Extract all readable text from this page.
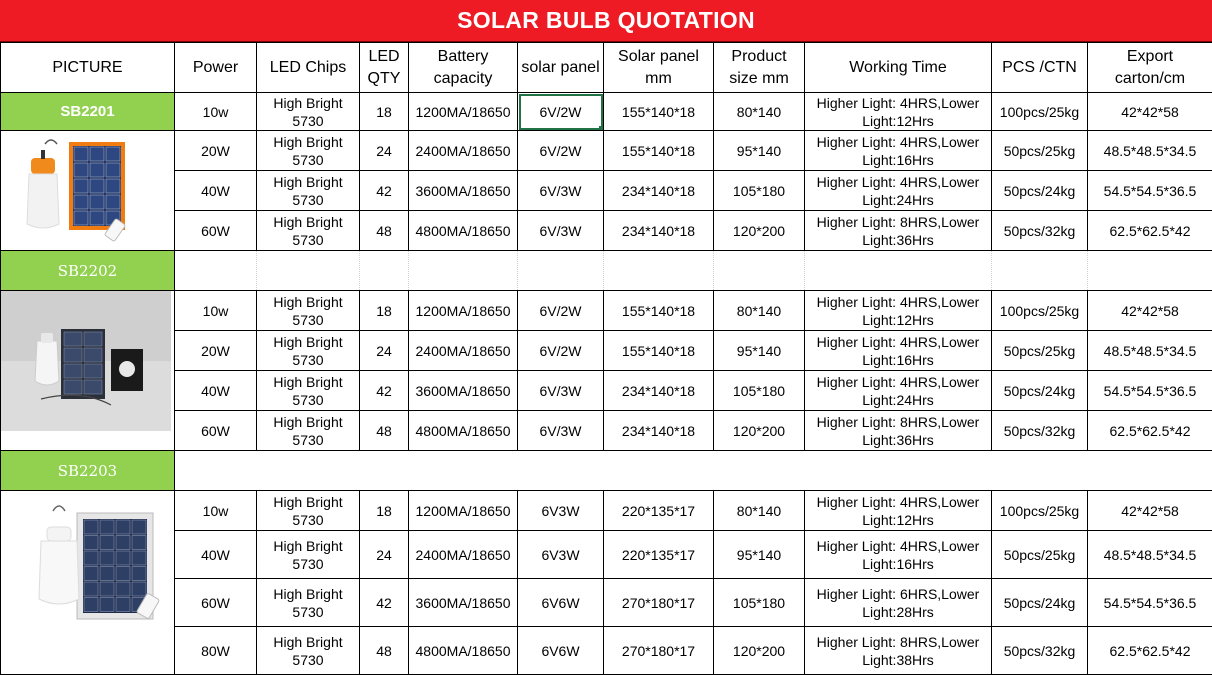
SOLAR BULB QUOTATION
PICTURE	Power	LED Chips	LED QTY	Battery capacity	solar panel	Solar panel mm	Product size mm	Working Time	PCS /CTN	Export carton/cm
SB2201	10w	High Bright 5730	18	1200MA/18650	6V/2W	155*140*18	80*140	Higher Light: 4HRS,Lower Light:12Hrs	100pcs/25kg	42*42*58

	20W	High Bright 5730	24	2400MA/18650	6V/2W	155*140*18	95*140	Higher Light: 4HRS,Lower Light:16Hrs	50pcs/25kg	48.5*48.5*34.5
	40W	High Bright 5730	42	3600MA/18650	6V/3W	234*140*18	105*180	Higher Light: 4HRS,Lower Light:24Hrs	50pcs/24kg	54.5*54.5*36.5
	60W	High Bright 5730	48	4800MA/18650	6V/3W	234*140*18	120*200	Higher Light: 8HRS,Lower Light:36Hrs	50pcs/32kg	62.5*62.5*42
SB2202										

	10w	High Bright 5730	18	1200MA/18650	6V/2W	155*140*18	80*140	Higher Light: 4HRS,Lower Light:12Hrs	100pcs/25kg	42*42*58
	20W	High Bright 5730	24	2400MA/18650	6V/2W	155*140*18	95*140	Higher Light: 4HRS,Lower Light:16Hrs	50pcs/25kg	48.5*48.5*34.5
	40W	High Bright 5730	42	3600MA/18650	6V/3W	234*140*18	105*180	Higher Light: 4HRS,Lower Light:24Hrs	50pcs/24kg	54.5*54.5*36.5
	60W	High Bright 5730	48	4800MA/18650	6V/3W	234*140*18	120*200	Higher Light: 8HRS,Lower Light:36Hrs	50pcs/32kg	62.5*62.5*42
SB2203										

	10w	High Bright 5730	18	1200MA/18650	6V3W	220*135*17	80*140	Higher Light: 4HRS,Lower Light:12Hrs	100pcs/25kg	42*42*58
	40W	High Bright 5730	24	2400MA/18650	6V3W	220*135*17	95*140	Higher Light: 4HRS,Lower Light:16Hrs	50pcs/25kg	48.5*48.5*34.5
	60W	High Bright 5730	42	3600MA/18650	6V6W	270*180*17	105*180	Higher Light: 6HRS,Lower Light:28Hrs	50pcs/24kg	54.5*54.5*36.5
	80W	High Bright 5730	48	4800MA/18650	6V6W	270*180*17	120*200	Higher Light: 8HRS,Lower Light:38Hrs	50pcs/32kg	62.5*62.5*42
